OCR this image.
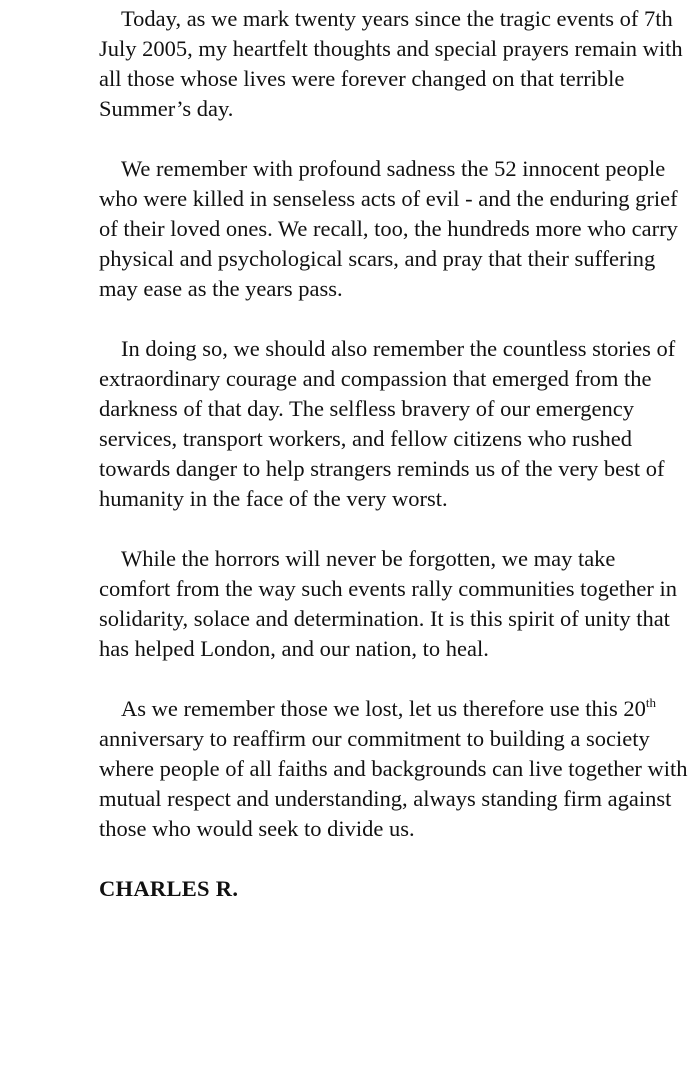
Today, as we mark twenty years since the tragic events of 7th July 2005, my heartfelt thoughts and special prayers remain with all those whose lives were forever changed on that terrible Summer’s day.

We remember with profound sadness the 52 innocent people who were killed in senseless acts of evil - and the enduring grief of their loved ones. We recall, too, the hundreds more who carry physical and psychological scars, and pray that their suffering may ease as the years pass.

In doing so, we should also remember the countless stories of extraordinary courage and compassion that emerged from the darkness of that day. The selfless bravery of our emergency services, transport workers, and fellow citizens who rushed towards danger to help strangers reminds us of the very best of humanity in the face of the very worst.

While the horrors will never be forgotten, we may take comfort from the way such events rally communities together in solidarity, solace and determination. It is this spirit of unity that has helped London, and our nation, to heal.

As we remember those we lost, let us therefore use this 20th anniversary to reaffirm our commitment to building a society where people of all faiths and backgrounds can live together with mutual respect and understanding, always standing firm against those who would seek to divide us.

CHARLES R.
